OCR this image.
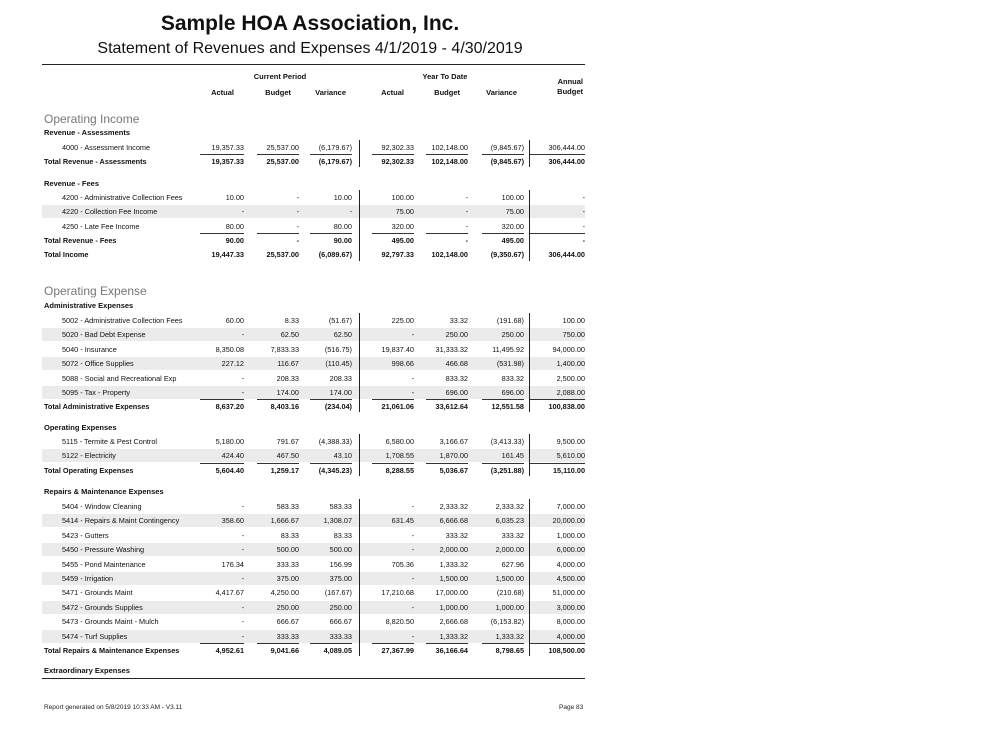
Sample HOA Association, Inc.
Statement of Revenues and Expenses 4/1/2019 - 4/30/2019
Current Period	Year To Date
Actual	Budget	Variance	Actual	Budget	Variance
Annual
Budget
Operating Income
Revenue - Assessments
4000 - Assessment Income	19,357.33	25,537.00	(6,179.67)	92,302.33	102,148.00	(9,845.67)	306,444.00
Total Revenue - Assessments	19,357.33	25,537.00	(6,179.67)	92,302.33	102,148.00	(9,845.67)	306,444.00
Revenue - Fees
4200 - Administrative Collection Fees	10.00	-	10.00	100.00	-	100.00	-
4220 - Collection Fee Income	-	-	-	75.00	-	75.00	-
4250 - Late Fee Income	80.00	-	80.00	320.00	-	320.00	-
Total Revenue - Fees	90.00	-	90.00	495.00	-	495.00	-
Total Income	19,447.33	25,537.00	(6,089.67)	92,797.33	102,148.00	(9,350.67)	306,444.00
Operating Expense
Administrative Expenses
5002 - Administrative Collection Fees	60.00	8.33	(51.67)	225.00	33.32	(191.68)	100.00
5020 - Bad Debt Expense	-	62.50	62.50	-	250.00	250.00	750.00
5040 - Insurance	8,350.08	7,833.33	(516.75)	19,837.40	31,333.32	11,495.92	94,000.00
5072 - Office Supplies	227.12	116.67	(110.45)	998.66	466.68	(531.98)	1,400.00
5088 - Social and Recreational Exp	-	208.33	208.33	-	833.32	833.32	2,500.00
5095 - Tax - Property	-	174.00	174.00	-	696.00	696.00	2,088.00
Total Administrative Expenses	8,637.20	8,403.16	(234.04)	21,061.06	33,612.64	12,551.58	100,838.00
Operating Expenses
5115 - Termite & Pest Control	5,180.00	791.67	(4,388.33)	6,580.00	3,166.67	(3,413.33)	9,500.00
5122 - Electricity	424.40	467.50	43.10	1,708.55	1,870.00	161.45	5,610.00
Total Operating Expenses	5,604.40	1,259.17	(4,345.23)	8,288.55	5,036.67	(3,251.88)	15,110.00
Repairs & Maintenance Expenses
5404 - Window Cleaning	-	583.33	583.33	-	2,333.32	2,333.32	7,000.00
5414 - Repairs & Maint Contingency	358.60	1,666.67	1,308.07	631.45	6,666.68	6,035.23	20,000.00
5423 - Gutters	-	83.33	83.33	-	333.32	333.32	1,000.00
5450 - Pressure Washing	-	500.00	500.00	-	2,000.00	2,000.00	6,000.00
5455 - Pond Maintenance	176.34	333.33	156.99	705.36	1,333.32	627.96	4,000.00
5459 - Irrigation	-	375.00	375.00	-	1,500.00	1,500.00	4,500.00
5471 - Grounds Maint	4,417.67	4,250.00	(167.67)	17,210.68	17,000.00	(210.68)	51,000.00
5472 - Grounds Supplies	-	250.00	250.00	-	1,000.00	1,000.00	3,000.00
5473 - Grounds Maint - Mulch	-	666.67	666.67	8,820.50	2,666.68	(6,153.82)	8,000.00
5474 - Turf Supplies	-	333.33	333.33	-	1,333.32	1,333.32	4,000.00
Total Repairs & Maintenance Expenses	4,952.61	9,041.66	4,089.05	27,367.99	36,166.64	8,798.65	108,500.00
Extraordinary Expenses
Report generated on 5/8/2019 10:33 AM - V3.11	Page 83
